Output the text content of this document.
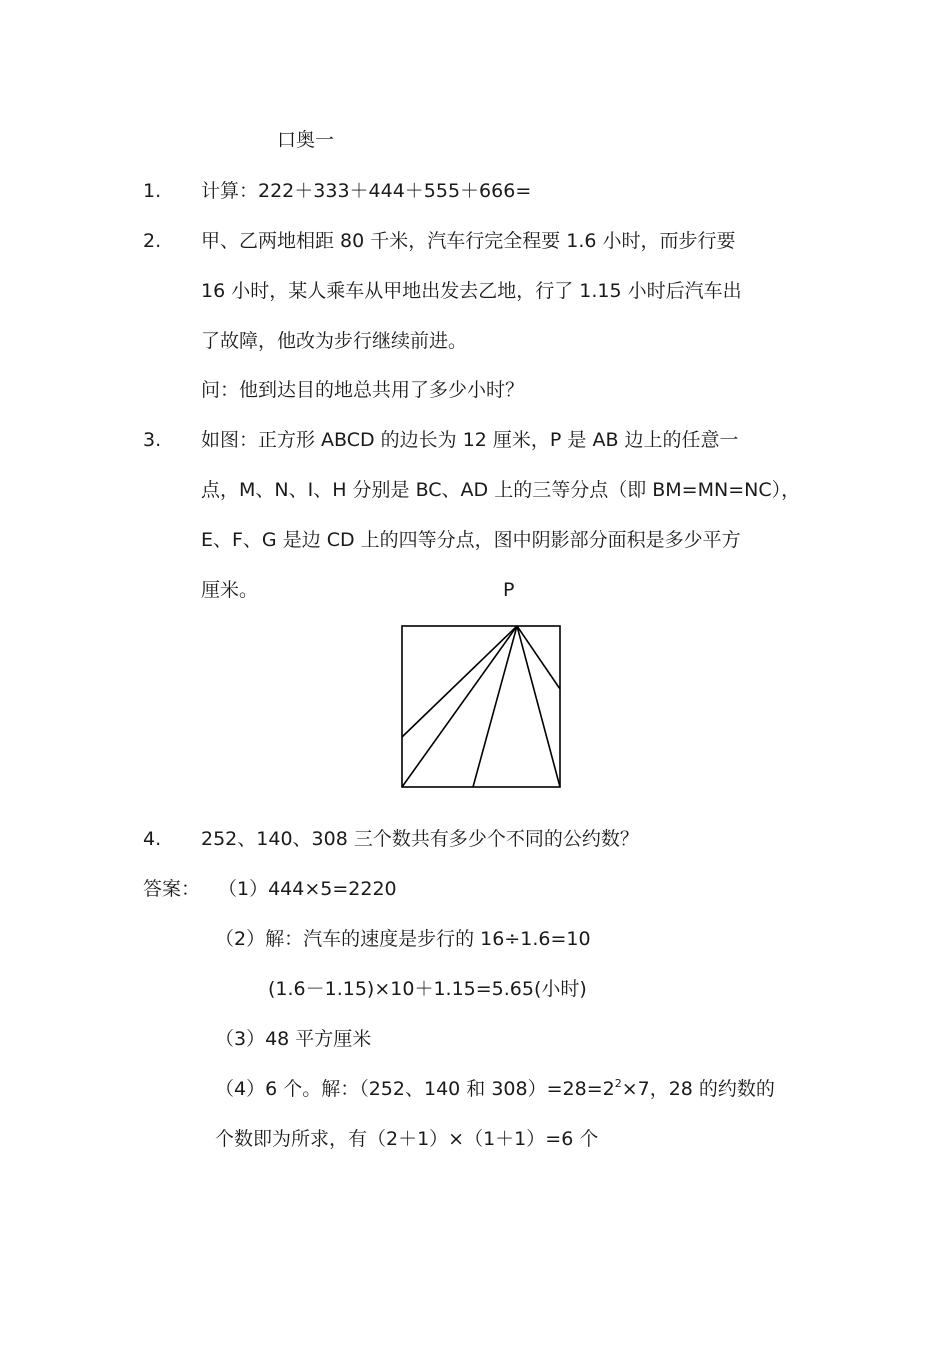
口奥一
1. 计算：222＋333＋444＋555＋666=
2. 甲、乙两地相距 80 千米，汽车行完全程要 1.6 小时，而步行要
16 小时，某人乘车从甲地出发去乙地，行了 1.15 小时后汽车出
了故障，他改为步行继续前进。
问：他到达目的地总共用了多少小时？
3. 如图：正方形 ABCD 的边长为 12 厘米，P 是 AB 边上的任意一
点，M、N、I、H 分别是 BC、AD 上的三等分点（即 BM=MN=NC），
E、F、G 是边 CD 上的四等分点，图中阴影部分面积是多少平方
厘米。	P
4. 252、140、308 三个数共有多少个不同的公约数？
答案： （1）444×5=2220
（2）解：汽车的速度是步行的 16÷1.6=10
(1.6－1.15)×10＋1.15=5.65(小时)
（3）48 平方厘米
（4）6 个。解：（252、140 和 $308)=28=2^2\times 7$，28 的约数的
个数即为所求，有（2＋1）×（1＋1）=6 个
